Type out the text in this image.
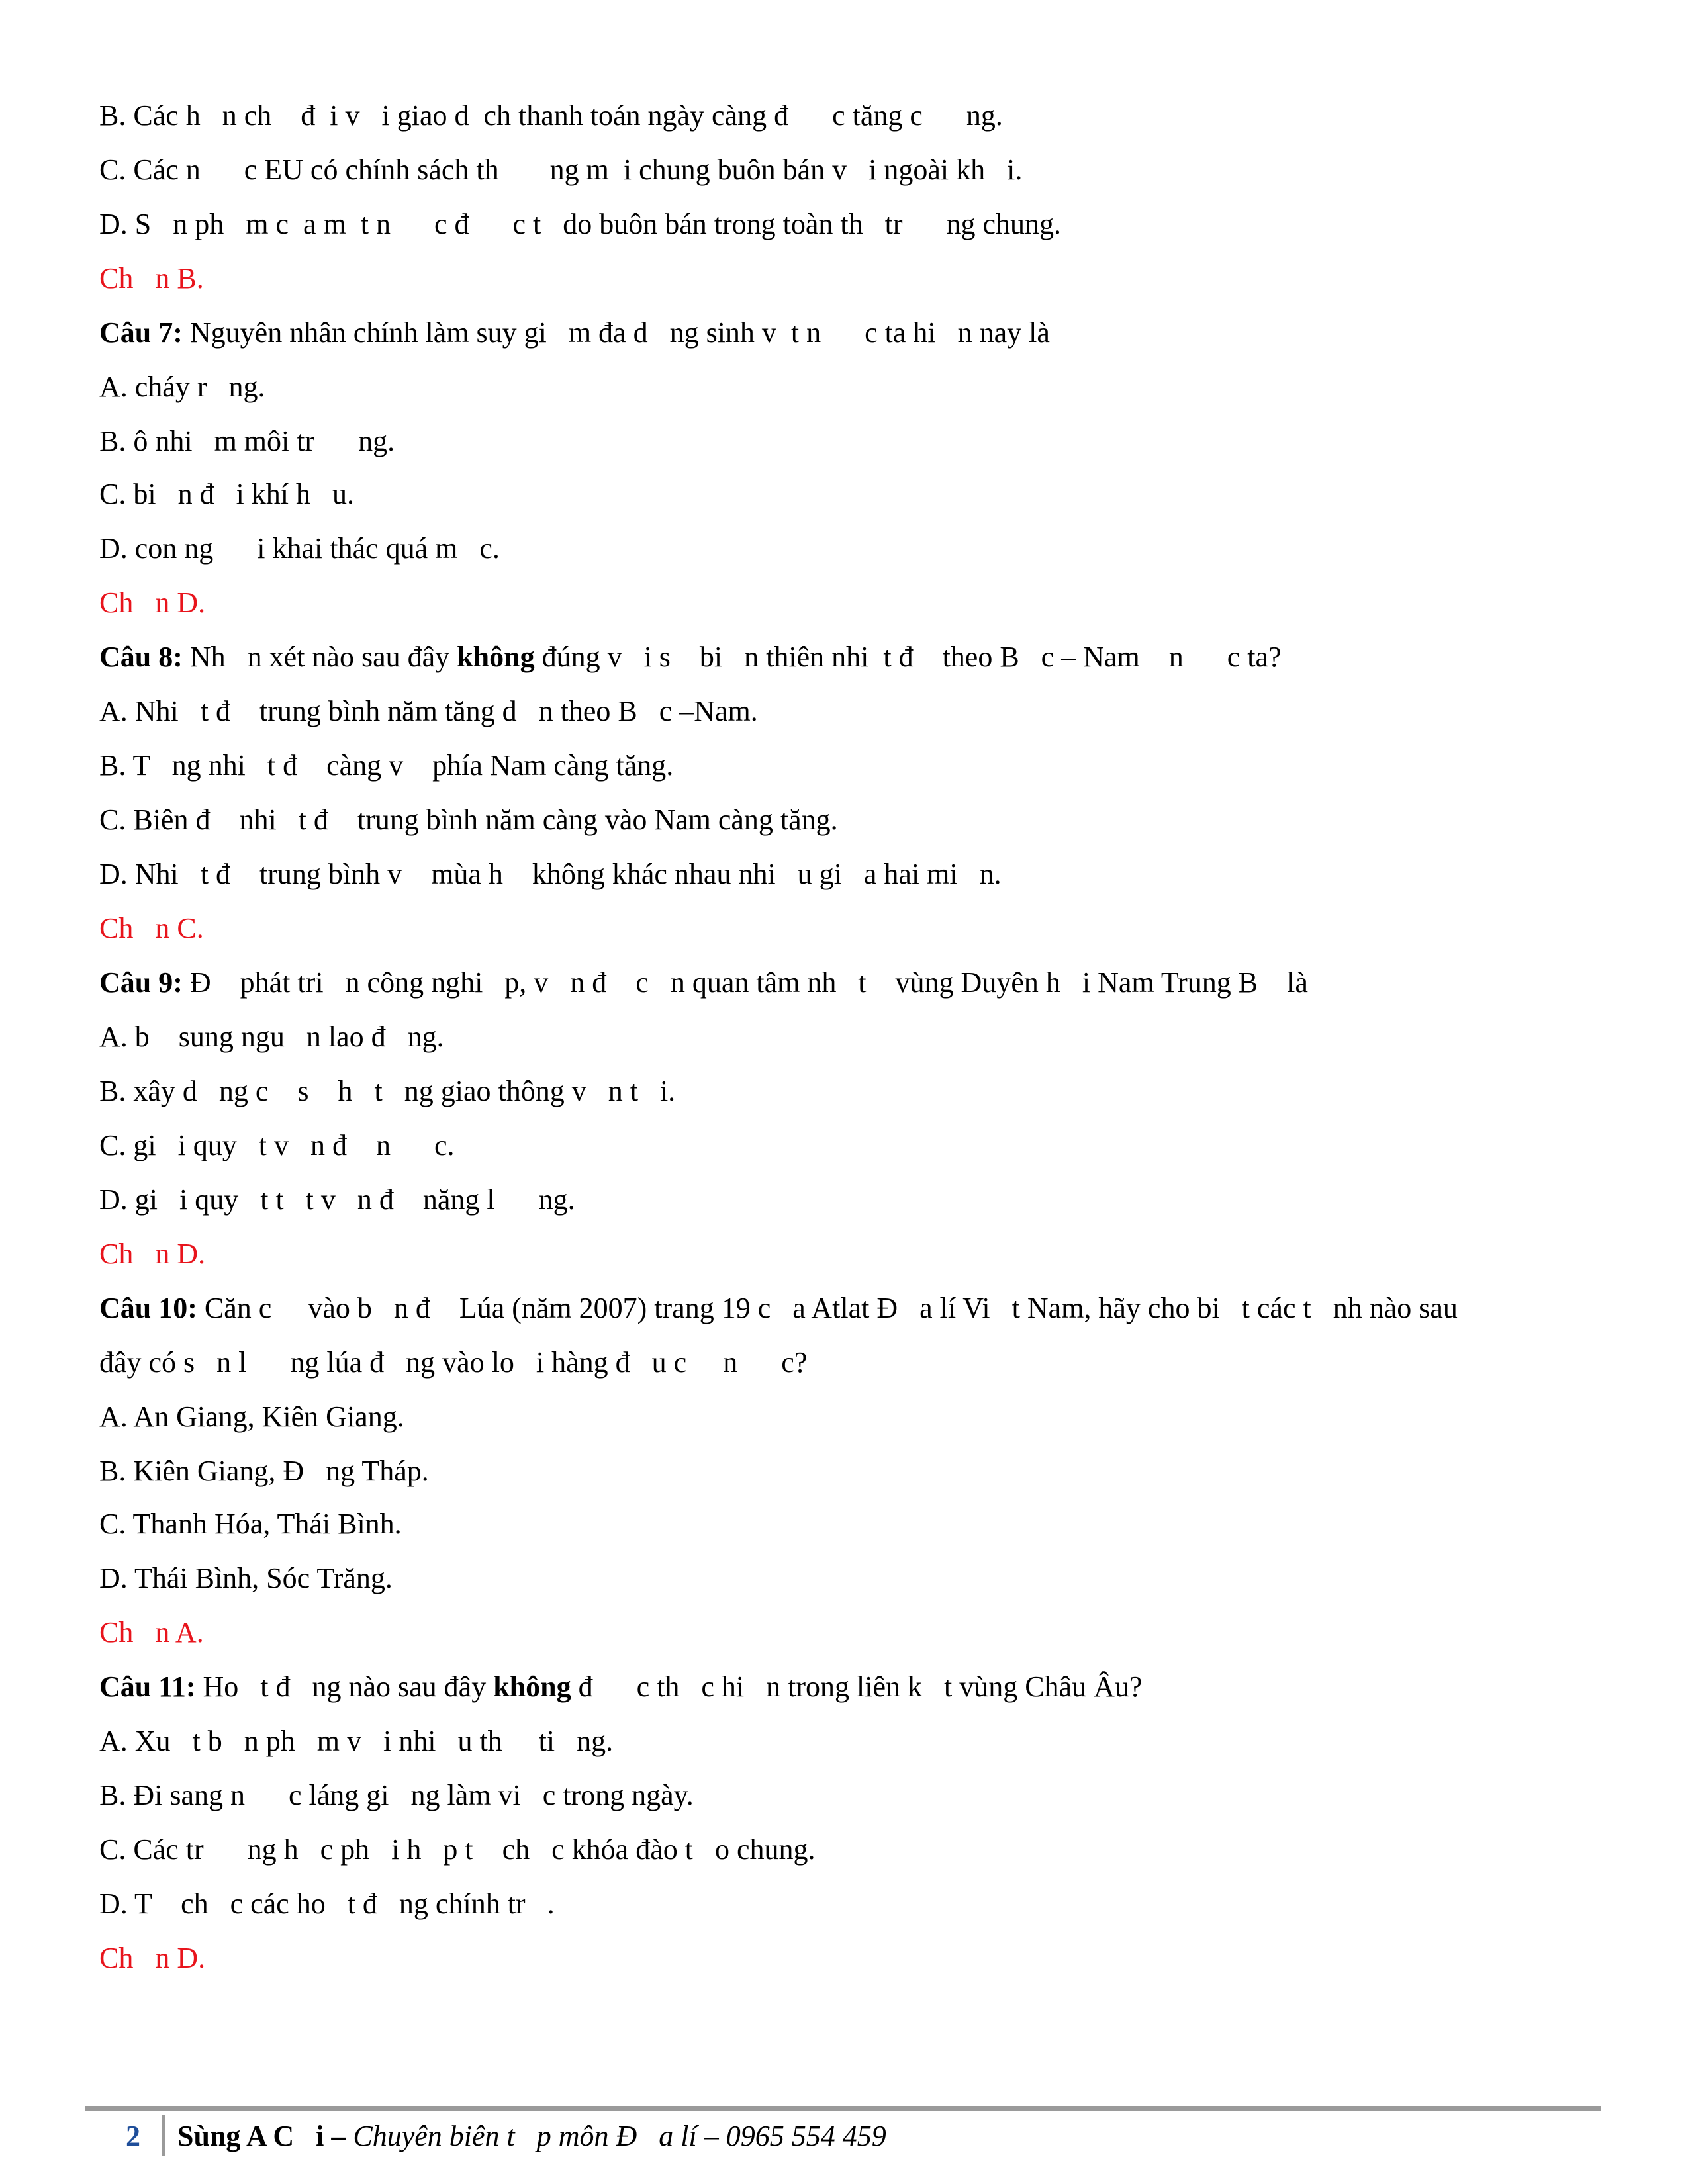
B. Các h   n ch    đ  i v   i giao d  ch thanh toán ngày càng đ      c tăng c      ng.
C. Các n      c EU có chính sách th       ng m  i chung buôn bán v   i ngoài kh   i.
D. S   n ph   m c  a m  t n      c đ      c t   do buôn bán trong toàn th   tr      ng chung.
Ch   n B.
Câu 7: Nguyên nhân chính làm suy gi   m đa d   ng sinh v  t n      c ta hi   n nay là
A. cháy r   ng.
B. ô nhi   m môi tr      ng.
C. bi   n đ   i khí h   u.
D. con ng      i khai thác quá m   c.
Ch   n D.
Câu 8: Nh   n xét nào sau đây không đúng v   i s    bi   n thiên nhi  t đ    theo B   c – Nam    n      c ta?
A. Nhi   t đ    trung bình năm tăng d   n theo B   c –Nam.
B. T   ng nhi   t đ    càng v    phía Nam càng tăng.
C. Biên đ    nhi   t đ    trung bình năm càng vào Nam càng tăng.
D. Nhi   t đ    trung bình v    mùa h    không khác nhau nhi   u gi   a hai mi   n.
Ch   n C.
Câu 9: Đ    phát tri   n công nghi   p, v   n đ    c   n quan tâm nh   t    vùng Duyên h   i Nam Trung B    là
A. b    sung ngu   n lao đ   ng.
B. xây d   ng c    s    h   t   ng giao thông v   n t   i.
C. gi   i quy   t v   n đ    n      c.
D. gi   i quy   t t   t v   n đ    năng l      ng.
Ch   n D.
Câu 10: Căn c     vào b   n đ    Lúa (năm 2007) trang 19 c   a Atlat Đ   a lí Vi   t Nam, hãy cho bi   t các t   nh nào sau
đây có s   n l      ng lúa đ   ng vào lo   i hàng đ   u c     n      c?
A. An Giang, Kiên Giang.
B. Kiên Giang, Đ   ng Tháp.
C. Thanh Hóa, Thái Bình.
D. Thái Bình, Sóc Trăng.
Ch   n A.
Câu 11: Ho   t đ   ng nào sau đây không đ      c th   c hi   n trong liên k   t vùng Châu Âu?
A. Xu   t b   n ph   m v   i nhi   u th     ti   ng.
B. Đi sang n      c láng gi   ng làm vi   c trong ngày.
C. Các tr      ng h   c ph   i h   p t    ch   c khóa đào t   o chung.
D. T    ch   c các ho   t đ   ng chính tr   .
Ch   n D.
2 Sùng A C   i – Chuyên biên t   p môn Đ   a lí – 0965 554 459
